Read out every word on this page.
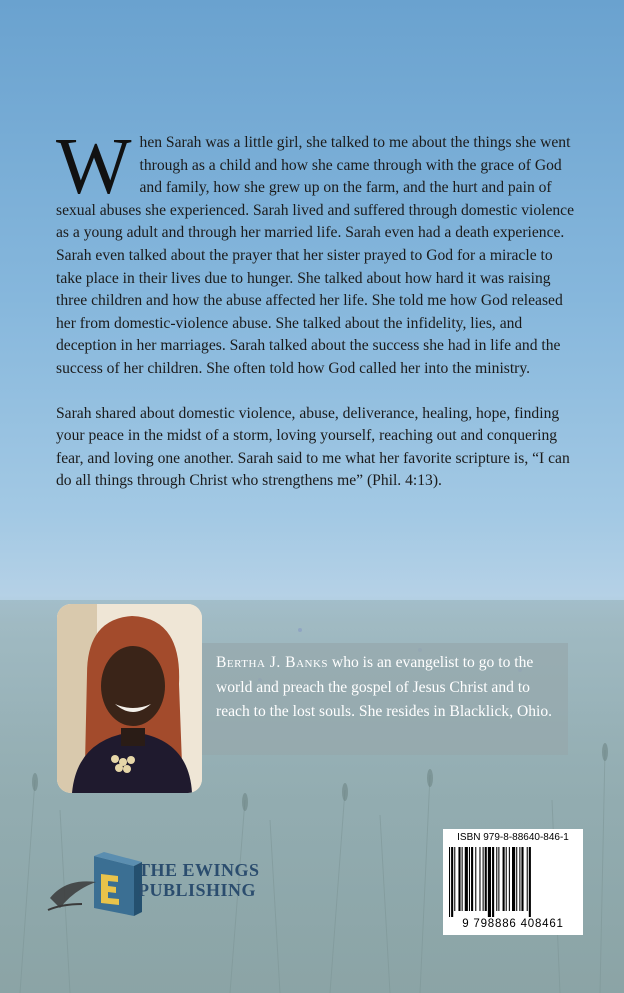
When Sarah was a little girl, she talked to me about the things she went through as a child and how she came through with the grace of God and family, how she grew up on the farm, and the hurt and pain of sexual abuses she experienced. Sarah lived and suffered through domestic violence as a young adult and through her married life. Sarah even had a death experience. Sarah even talked about the prayer that her sister prayed to God for a miracle to take place in their lives due to hunger. She talked about how hard it was raising three children and how the abuse affected her life. She told me how God released her from domestic-violence abuse. She talked about the infidelity, lies, and deception in her marriages. Sarah talked about the success she had in life and the success of her children. She often told how God called her into the ministry.

Sarah shared about domestic violence, abuse, deliverance, healing, hope, finding your peace in the midst of a storm, loving yourself, reaching out and conquering fear, and loving one another. Sarah said to me what her favorite scripture is, “I can do all things through Christ who strengthens me” (Phil. 4:13).

Bertha J. Banks who is an evangelist to go to the world and preach the gospel of Jesus Christ and to reach to the lost souls. She resides in Blacklick, Ohio.

THE EWINGS
PUBLISHING
ISBN 979-8-88640-846-1
9 798886 408461
